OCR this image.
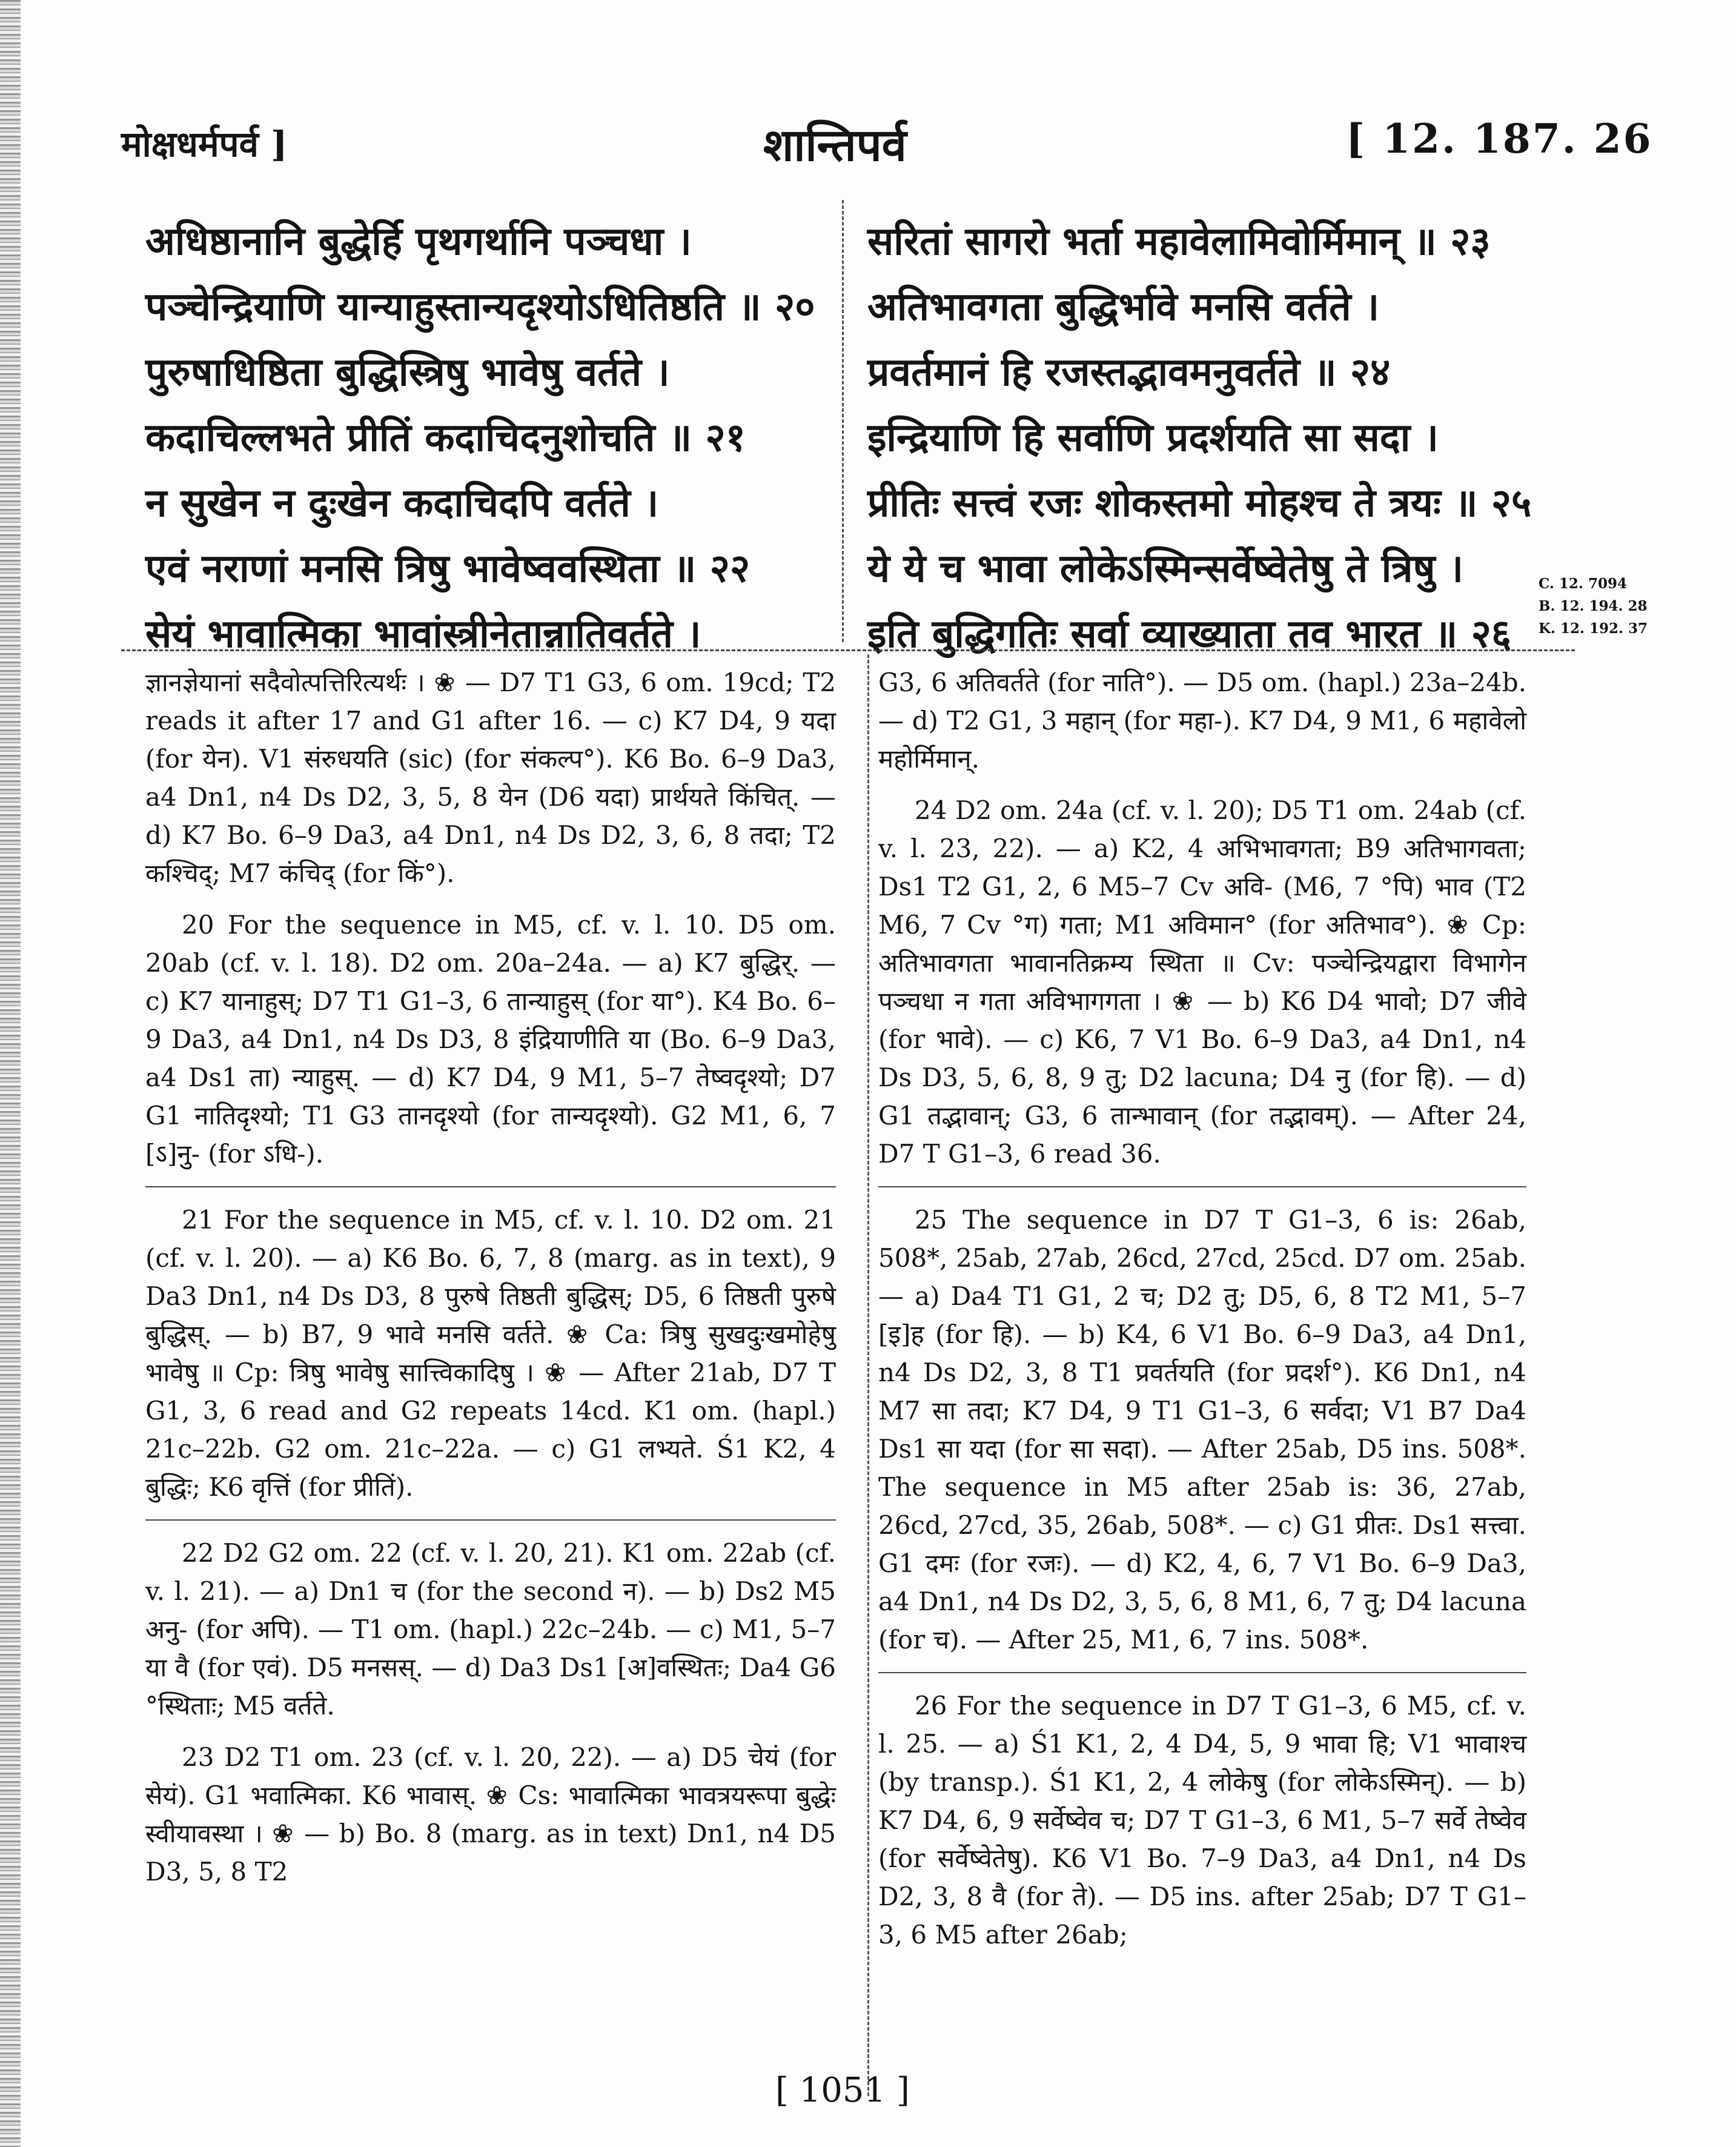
मोक्षधर्मपर्व ]	शान्तिपर्व	[ 12. 187. 26
अधिष्ठानानि बुद्धेर्हि पृथगर्थानि पञ्चधा ।
पञ्चेन्द्रियाणि यान्याहुस्तान्यदृश्योऽधितिष्ठति ॥ २०
पुरुषाधिष्ठिता बुद्धिस्त्रिषु भावेषु वर्तते ।
कदाचिल्लभते प्रीतिं कदाचिदनुशोचति ॥ २१
न सुखेन न दुःखेन कदाचिदपि वर्तते ।
एवं नराणां मनसि त्रिषु भावेष्ववस्थिता ॥ २२
सेयं भावात्मिका भावांस्त्रीनेतान्नातिवर्तते ।
सरितां सागरो भर्ता महावेलामिवोर्मिमान् ॥ २३
अतिभावगता बुद्धिर्भावे मनसि वर्तते ।
प्रवर्तमानं हि रजस्तद्भावमनुवर्तते ॥ २४
इन्द्रियाणि हि सर्वाणि प्रदर्शयति सा सदा ।
प्रीतिः सत्त्वं रजः शोकस्तमो मोहश्च ते त्रयः ॥ २५
ये ये च भावा लोकेऽस्मिन्सर्वेष्वेतेषु ते त्रिषु ।
इति बुद्धिगतिः सर्वा व्याख्याता तव भारत ॥ २६
C. 12. 7094
B. 12. 194. 28
K. 12. 192. 37

ज्ञानज्ञेयानां सदैवोत्पत्तिरित्यर्थः । ❀ — D7 T1 G3, 6 om. 19cd; T2 reads it after 17 and G1 after 16. — c) K7 D4, 9 यदा (for येन). V1 संरुधयति (sic) (for संकल्प°). K6 Bo. 6–9 Da3, a4 Dn1, n4 Ds D2, 3, 5, 8 येन (D6 यदा) प्रार्थयते किंचित्. — d) K7 Bo. 6–9 Da3, a4 Dn1, n4 Ds D2, 3, 6, 8 तदा; T2 कश्चिद्; M7 कंचिद् (for किं°).

20 For the sequence in M5, cf. v. l. 10. D5 om. 20ab (cf. v. l. 18). D2 om. 20a–24a. — a) K7 बुद्धिर्. — c) K7 यानाहुस्; D7 T1 G1–3, 6 तान्याहुस् (for या°). K4 Bo. 6–9 Da3, a4 Dn1, n4 Ds D3, 8 इंद्रियाणीति या (Bo. 6–9 Da3, a4 Ds1 ता) न्याहुस्. — d) K7 D4, 9 M1, 5–7 तेष्वदृश्यो; D7 G1 नातिदृश्यो; T1 G3 तानदृश्यो (for तान्यदृश्यो). G2 M1, 6, 7 [ऽ]नु- (for ऽधि-).

21 For the sequence in M5, cf. v. l. 10. D2 om. 21 (cf. v. l. 20). — a) K6 Bo. 6, 7, 8 (marg. as in text), 9 Da3 Dn1, n4 Ds D3, 8 पुरुषे तिष्ठती बुद्धिस्; D5, 6 तिष्ठती पुरुषे बुद्धिस्. — b) B7, 9 भावे मनसि वर्तते. ❀ Ca: त्रिषु सुखदुःखमोहेषु भावेषु ॥ Cp: त्रिषु भावेषु सात्त्विकादिषु । ❀ — After 21ab, D7 T G1, 3, 6 read and G2 repeats 14cd. K1 om. (hapl.) 21c–22b. G2 om. 21c–22a. — c) G1 लभ्यते. Ś1 K2, 4 बुद्धिः; K6 वृत्तिं (for प्रीतिं).

22 D2 G2 om. 22 (cf. v. l. 20, 21). K1 om. 22ab (cf. v. l. 21). — a) Dn1 च (for the second न). — b) Ds2 M5 अनु- (for अपि). — T1 om. (hapl.) 22c–24b. — c) M1, 5–7 या वै (for एवं). D5 मनसस्. — d) Da3 Ds1 [अ]वस्थितः; Da4 G6 °स्थिताः; M5 वर्तते.

23 D2 T1 om. 23 (cf. v. l. 20, 22). — a) D5 चेयं (for सेयं). G1 भवात्मिका. K6 भावास्. ❀ Cs: भावात्मिका भावत्रयरूपा बुद्धेः स्वीयावस्था । ❀ — b) Bo. 8 (marg. as in text) Dn1, n4 D5 D3, 5, 8 T2

G3, 6 अतिवर्तते (for नाति°). — D5 om. (hapl.) 23a–24b. — d) T2 G1, 3 महान् (for महा-). K7 D4, 9 M1, 6 महावेलो महोर्मिमान्.

24 D2 om. 24a (cf. v. l. 20); D5 T1 om. 24ab (cf. v. l. 23, 22). — a) K2, 4 अभिभावगता; B9 अतिभागवता; Ds1 T2 G1, 2, 6 M5–7 Cv अवि- (M6, 7 °पि) भाव (T2 M6, 7 Cv °ग) गता; M1 अविमान° (for अतिभाव°). ❀ Cp: अतिभावगता भावानतिक्रम्य स्थिता ॥ Cv: पञ्चेन्द्रियद्वारा विभागेन पञ्चधा न गता अविभागगता । ❀ — b) K6 D4 भावो; D7 जीवे (for भावे). — c) K6, 7 V1 Bo. 6–9 Da3, a4 Dn1, n4 Ds D3, 5, 6, 8, 9 तु; D2 lacuna; D4 नु (for हि). — d) G1 तद्भावान्; G3, 6 तान्भावान् (for तद्भावम्). — After 24, D7 T G1–3, 6 read 36.

25 The sequence in D7 T G1–3, 6 is: 26ab, 508*, 25ab, 27ab, 26cd, 27cd, 25cd. D7 om. 25ab. — a) Da4 T1 G1, 2 च; D2 तु; D5, 6, 8 T2 M1, 5–7 [इ]ह (for हि). — b) K4, 6 V1 Bo. 6–9 Da3, a4 Dn1, n4 Ds D2, 3, 8 T1 प्रवर्तयति (for प्रदर्श°). K6 Dn1, n4 M7 सा तदा; K7 D4, 9 T1 G1–3, 6 सर्वदा; V1 B7 Da4 Ds1 सा यदा (for सा सदा). — After 25ab, D5 ins. 508*. The sequence in M5 after 25ab is: 36, 27ab, 26cd, 27cd, 35, 26ab, 508*. — c) G1 प्रीतः. Ds1 सत्त्वा. G1 दमः (for रजः). — d) K2, 4, 6, 7 V1 Bo. 6–9 Da3, a4 Dn1, n4 Ds D2, 3, 5, 6, 8 M1, 6, 7 तु; D4 lacuna (for च). — After 25, M1, 6, 7 ins. 508*.

26 For the sequence in D7 T G1–3, 6 M5, cf. v. l. 25. — a) Ś1 K1, 2, 4 D4, 5, 9 भावा हि; V1 भावाश्च (by transp.). Ś1 K1, 2, 4 लोकेषु (for लोकेऽस्मिन्). — b) K7 D4, 6, 9 सर्वेष्वेव च; D7 T G1–3, 6 M1, 5–7 सर्वे तेष्वेव (for सर्वेष्वेतेषु). K6 V1 Bo. 7–9 Da3, a4 Dn1, n4 Ds D2, 3, 8 वै (for ते). — D5 ins. after 25ab; D7 T G1–3, 6 M5 after 26ab;

[ 1051 ]
